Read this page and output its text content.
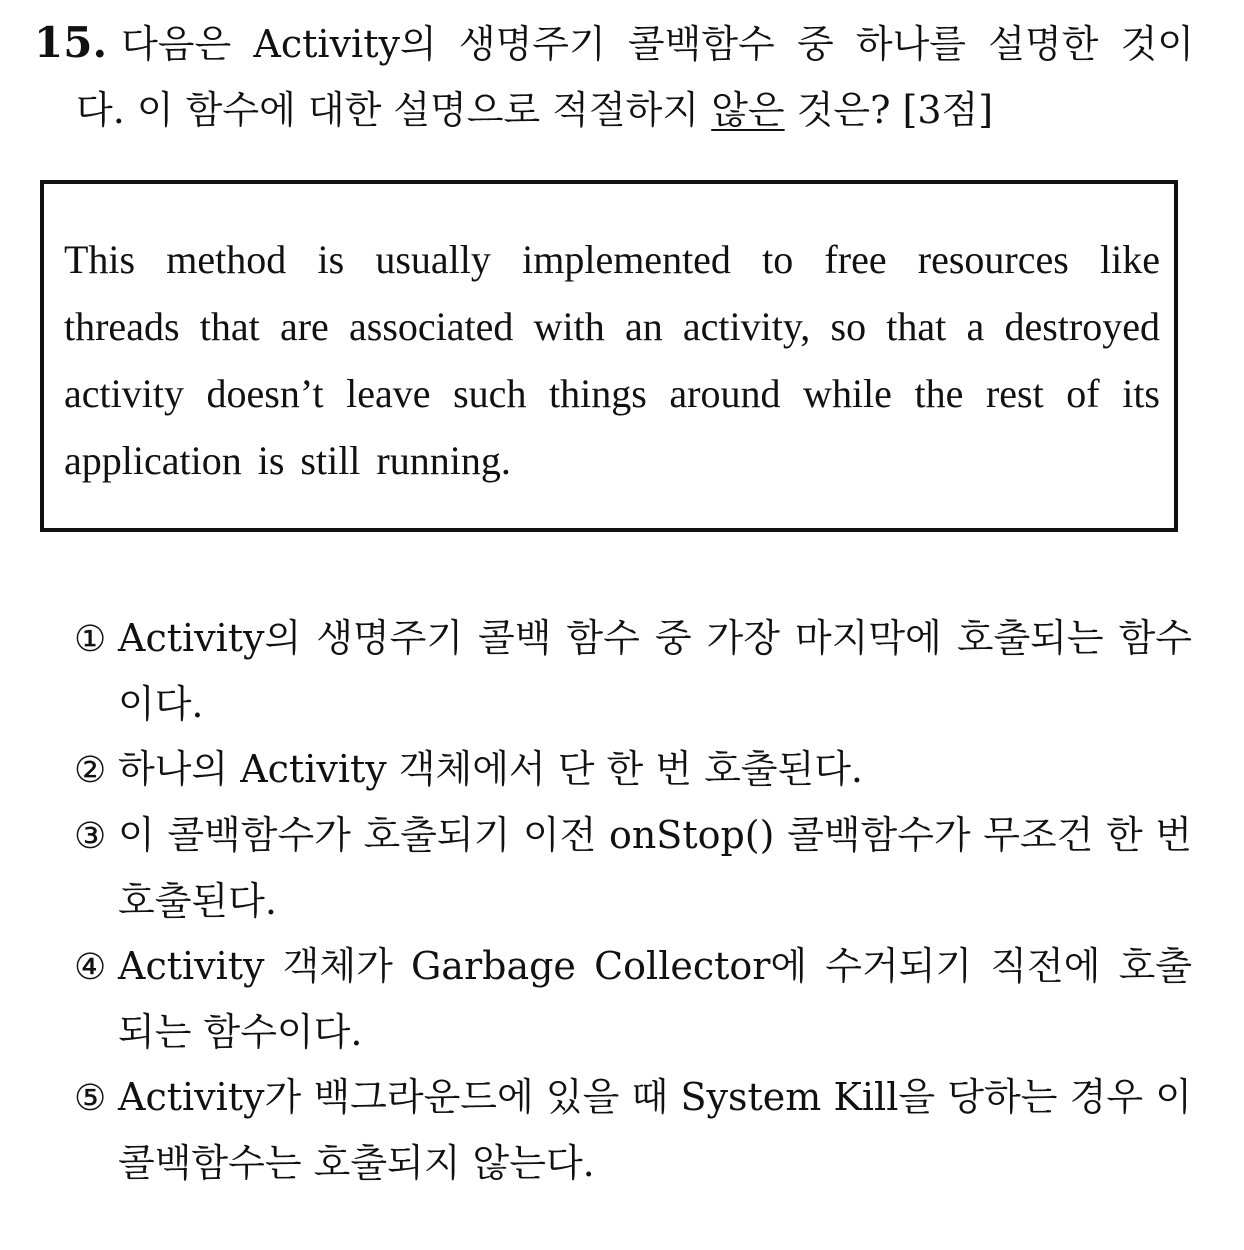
15. 다음은 Activity의 생명주기 콜백함수 중 하나를 설명한 것이
다. 이 함수에 대한 설명으로 적절하지 않은 것은? [3점]
This method is usually implemented to free resources like threads that are associated with an activity, so that a destroyed activity doesn’t leave such things around while the rest of its application is still running.
① Activity의 생명주기 콜백 함수 중 가장 마지막에 호출되는 함수이다.
② 하나의 Activity 객체에서 단 한 번 호출된다.
③ 이 콜백함수가 호출되기 이전 onStop() 콜백함수가 무조건 한 번 호출된다.
④ Activity 객체가 Garbage Collector에 수거되기 직전에 호출되는 함수이다.
⑤ Activity가 백그라운드에 있을 때 System Kill을 당하는 경우 이 콜백함수는 호출되지 않는다.
